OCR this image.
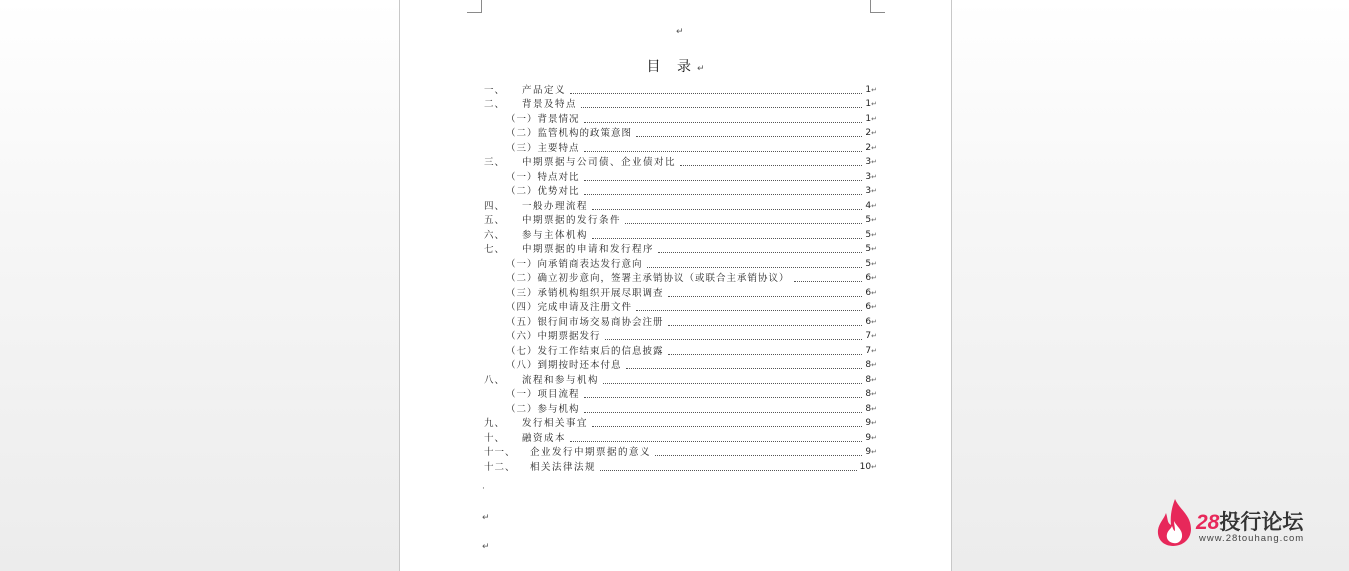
↵
目 录↵
一、	产品定义	1 ↵
二、	背景及特点	1 ↵
（一） 背景情况	1 ↵
（二） 监管机构的政策意图	2 ↵
（三） 主要特点	2 ↵
三、	中期票据与公司债、企业债对比	3 ↵
（一） 特点对比	3 ↵
（二） 优势对比	3 ↵
四、	一般办理流程	4 ↵
五、	中期票据的发行条件	5 ↵
六、	参与主体机构	5 ↵
七、	中期票据的申请和发行程序	5 ↵
（一） 向承销商表达发行意向	5 ↵
（二） 确立初步意向，签署主承销协议（或联合主承销协议）	6 ↵
（三） 承销机构组织开展尽职调查	6 ↵
（四） 完成申请及注册文件	6 ↵
（五） 银行间市场交易商协会注册	6 ↵
（六） 中期票据发行	7 ↵
（七） 发行工作结束后的信息披露	7 ↵
（八） 到期按时还本付息	8 ↵
八、	流程和参与机构	8 ↵
（一） 项目流程	8 ↵
（二） 参与机构	8 ↵
九、	发行相关事宜	9 ↵
十、	融资成本	9 ↵
十一、	企业发行中期票据的意义	9 ↵
十二、	相关法律法规	10 ↵
·
↵
↵
28投行论坛
www.28touhang.com
